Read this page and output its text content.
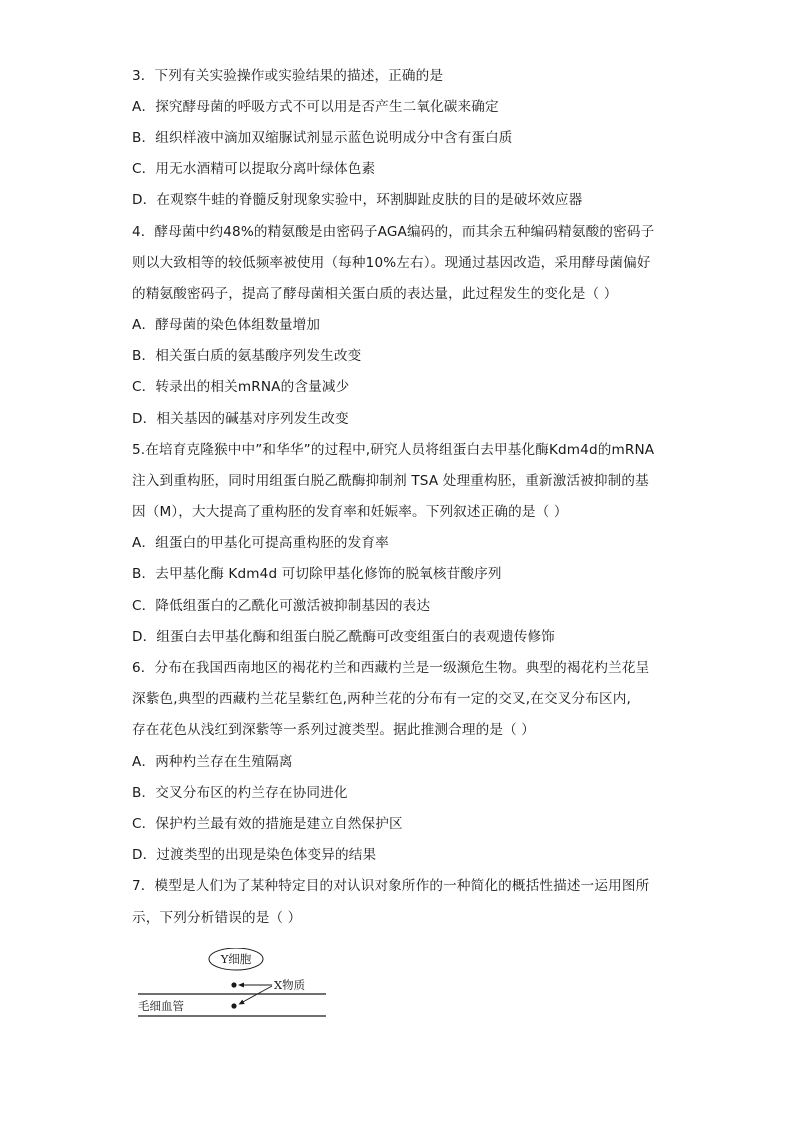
3．下列有关实验操作或实验结果的描述，正确的是
A．探究酵母菌的呼吸方式不可以用是否产生二氧化碳来确定
B．组织样液中滴加双缩脲试剂显示蓝色说明成分中含有蛋白质
C．用无水酒精可以提取分离叶绿体色素
D．在观察牛蛙的脊髓反射现象实验中，环割脚趾皮肤的目的是破坏效应器
4．酵母菌中约48%的精氨酸是由密码子AGA编码的，而其余五种编码精氨酸的密码子
则以大致相等的较低频率被使用（每种10%左右）。现通过基因改造，采用酵母菌偏好
的精氨酸密码子，提高了酵母菌相关蛋白质的表达量，此过程发生的变化是（ ）
A．酵母菌的染色体组数量增加
B．相关蛋白质的氨基酸序列发生改变
C．转录出的相关mRNA的含量减少
D．相关基因的碱基对序列发生改变
5.在培育克隆猴中中”和华华”的过程中,研究人员将组蛋白去甲基化酶Kdm4d的mRNA
注入到重构胚，同时用组蛋白脱乙酰酶抑制剂 TSA 处理重构胚，重新激活被抑制的基
因（M），大大提高了重构胚的发育率和妊娠率。下列叙述正确的是（ ）
A．组蛋白的甲基化可提高重构胚的发育率
B．去甲基化酶 Kdm4d 可切除甲基化修饰的脱氧核苷酸序列
C．降低组蛋白的乙酰化可激活被抑制基因的表达
D．组蛋白去甲基化酶和组蛋白脱乙酰酶可改变组蛋白的表观遗传修饰
6．分布在我国西南地区的褐花杓兰和西藏杓兰是一级濒危生物。典型的褐花杓兰花呈
深紫色,典型的西藏杓兰花呈紫红色,两种兰花的分布有一定的交叉,在交叉分布区内,
存在花色从浅红到深紫等一系列过渡类型。据此推测合理的是（ ）
A．两种杓兰存在生殖隔离
B．交叉分布区的杓兰存在协同进化
C．保护杓兰最有效的措施是建立自然保护区
D．过渡类型的出现是染色体变异的结果
7．模型是人们为了某种特定目的对认识对象所作的一种简化的概括性描述一运用图所
示，下列分析错误的是（ ）
Y细胞
X物质
毛细血管
